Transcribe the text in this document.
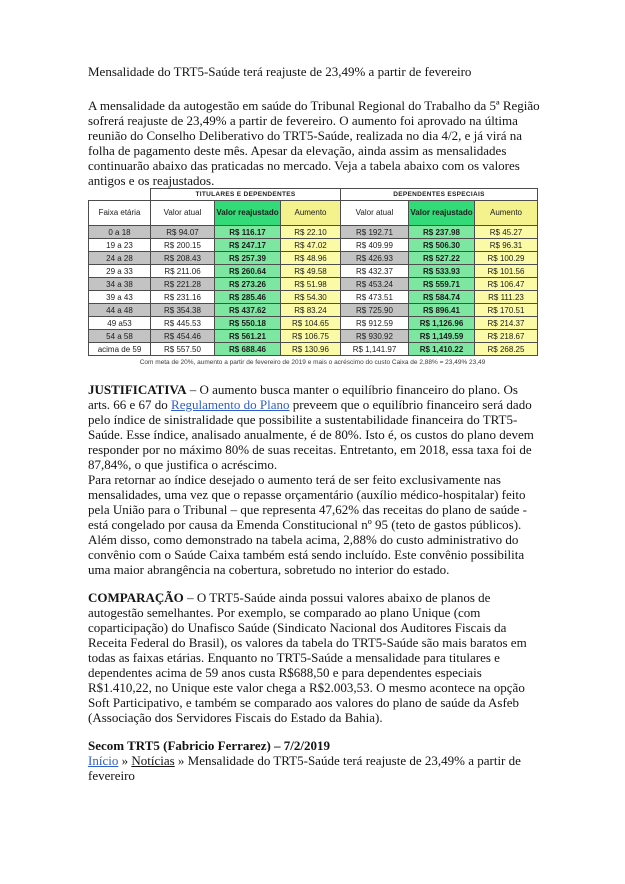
Mensalidade do TRT5-Saúde terá reajuste de 23,49% a partir de fevereiro

A mensalidade da autogestão em saúde do Tribunal Regional do Trabalho da 5ª Região sofrerá reajuste de 23,49% a partir de fevereiro. O aumento foi aprovado na última reunião do Conselho Deliberativo do TRT5-Saúde, realizada no dia 4/2, e já virá na folha de pagamento deste mês. Apesar da elevação, ainda assim as mensalidades continuarão abaixo das praticadas no mercado. Veja a tabela abaixo com os valores antigos e os reajustados.

	TITULARES E DEPENDENTES			DEPENDENTES ESPECIAIS		
Faixa etária	Valor atual	Valor reajustado	Aumento	Valor atual	Valor reajustado	Aumento
0 a 18	R$ 94.07	R$ 116.17	R$ 22.10	R$ 192.71	R$ 237.98	R$ 45.27
19 a 23	R$ 200.15	R$ 247.17	R$ 47.02	R$ 409.99	R$ 506.30	R$ 96.31
24 a 28	R$ 208.43	R$ 257.39	R$ 48.96	R$ 426.93	R$ 527.22	R$ 100.29
29 a 33	R$ 211.06	R$ 260.64	R$ 49.58	R$ 432.37	R$ 533.93	R$ 101.56
34 a 38	R$ 221.28	R$ 273.26	R$ 51.98	R$ 453.24	R$ 559.71	R$ 106.47
39 a 43	R$ 231.16	R$ 285.46	R$ 54.30	R$ 473.51	R$ 584.74	R$ 111.23
44 a 48	R$ 354.38	R$ 437.62	R$ 83.24	R$ 725.90	R$ 896.41	R$ 170.51
49 a53	R$ 445.53	R$ 550.18	R$ 104.65	R$ 912.59	R$ 1,126.96	R$ 214.37
54 a 58	R$ 454.46	R$ 561.21	R$ 106.75	R$ 930.92	R$ 1,149.59	R$ 218.67
acima de 59	R$ 557.50	R$ 688.46	R$ 130.96	R$ 1,141.97	R$ 1,410.22	R$ 268.25
Com meta de 20%, aumento a partir de fevereiro de 2019 e mais o acréscimo do custo Caixa de 2,88% = 23,49% 23,49

JUSTIFICATIVA – O aumento busca manter o equilíbrio financeiro do plano. Os arts. 66 e 67 do Regulamento do Plano preveem que o equilíbrio financeiro será dado pelo índice de sinistralidade que possibilite a sustentabilidade financeira do TRT5-Saúde. Esse índice, analisado anualmente, é de 80%. Isto é, os custos do plano devem responder por no máximo 80% de suas receitas. Entretanto, em 2018, essa taxa foi de 87,84%, o que justifica o acréscimo.

Para retornar ao índice desejado o aumento terá de ser feito exclusivamente nas mensalidades, uma vez que o repasse orçamentário (auxílio médico-hospitalar) feito pela União para o Tribunal – que representa 47,62% das receitas do plano de saúde - está congelado por causa da Emenda Constitucional nº 95 (teto de gastos públicos). Além disso, como demonstrado na tabela acima, 2,88% do custo administrativo do convênio com o Saúde Caixa também está sendo incluído. Este convênio possibilita uma maior abrangência na cobertura, sobretudo no interior do estado.

COMPARAÇÃO – O TRT5-Saúde ainda possui valores abaixo de planos de autogestão semelhantes. Por exemplo, se comparado ao plano Unique (com coparticipação) do Unafisco Saúde (Sindicato Nacional dos Auditores Fiscais da Receita Federal do Brasil), os valores da tabela do TRT5-Saúde são mais baratos em todas as faixas etárias. Enquanto no TRT5-Saúde a mensalidade para titulares e dependentes acima de 59 anos custa R$688,50 e para dependentes especiais R$1.410,22, no Unique este valor chega a R$2.003,53. O mesmo acontece na opção Soft Participativo, e também se comparado aos valores do plano de saúde da Asfeb (Associação dos Servidores Fiscais do Estado da Bahia).

Secom TRT5 (Fabricio Ferrarez) – 7/2/2019

Início » Notícias » Mensalidade do TRT5-Saúde terá reajuste de 23,49% a partir de fevereiro
